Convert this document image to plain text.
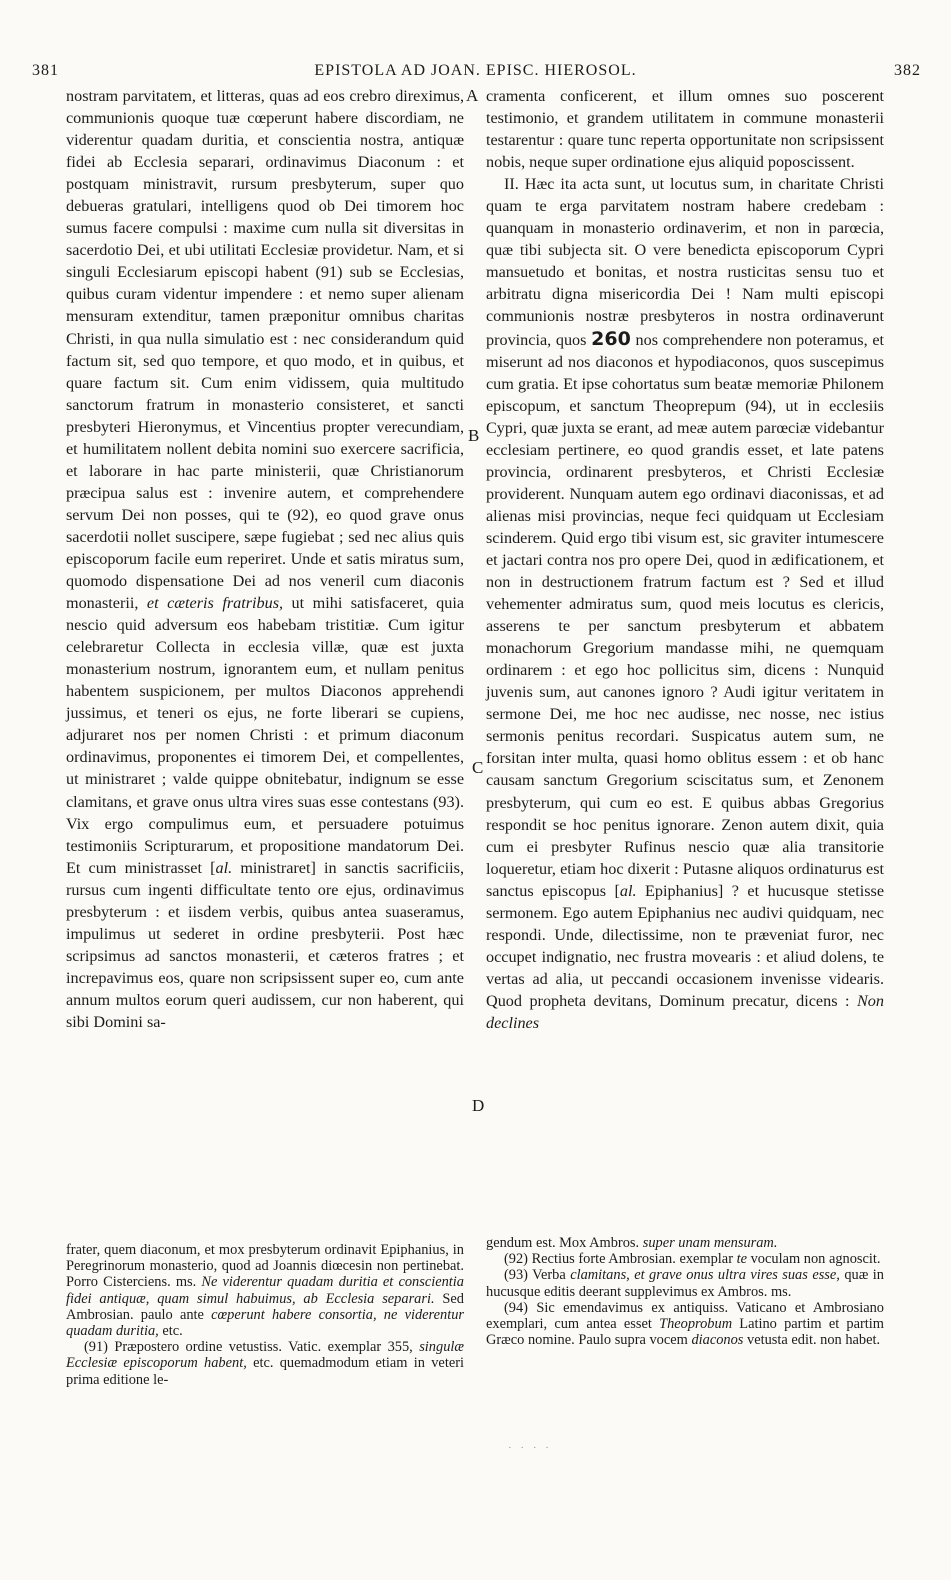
381	EPISTOLA AD JOAN. EPISC. HIEROSOL.	382

nostram parvitatem, et litteras, quas ad eos crebro direximus, communionis quoque tuæ cœperunt habere discordiam, ne viderentur quadam duritia, et conscientia nostra, antiquæ fidei ab Ecclesia separari, ordinavimus Diaconum : et postquam ministravit, rursum presbyterum, super quo debueras gratulari, intelligens quod ob Dei timorem hoc sumus facere compulsi : maxime cum nulla sit diversitas in sacerdotio Dei, et ubi utilitati Ecclesiæ providetur. Nam, et si singuli Ecclesiarum episcopi habent (91) sub se Ecclesias, quibus curam videntur impendere : et nemo super alienam mensuram extenditur, tamen præponitur omnibus charitas Christi, in qua nulla simulatio est : nec considerandum quid factum sit, sed quo tempore, et quo modo, et in quibus, et quare factum sit. Cum enim vidissem, quia multitudo sanctorum fratrum in monasterio consisteret, et sancti presbyteri Hieronymus, et Vincentius propter verecundiam, et humilitatem nollent debita nomini suo exercere sacrificia, et laborare in hac parte ministerii, quæ Christianorum præcipua salus est : invenire autem, et comprehendere servum Dei non posses, qui te (92), eo quod grave onus sacerdotii nollet suscipere, sæpe fugiebat ; sed nec alius quis episcoporum facile eum reperiret. Unde et satis miratus sum, quomodo dispensatione Dei ad nos veneril cum diaconis monasterii, et cæteris fratribus, ut mihi satisfaceret, quia nescio quid adversum eos habebam tristitiæ. Cum igitur celebraretur Collecta in ecclesia villæ, quæ est juxta monasterium nostrum, ignorantem eum, et nullam penitus habentem suspicionem, per multos Diaconos apprehendi jussimus, et teneri os ejus, ne forte liberari se cupiens, adjuraret nos per nomen Christi : et primum diaconum ordinavimus, proponentes ei timorem Dei, et compellentes, ut ministraret ; valde quippe obnitebatur, indignum se esse clamitans, et grave onus ultra vires suas esse contestans (93). Vix ergo compulimus eum, et persuadere potuimus testimoniis Scripturarum, et propositione mandatorum Dei. Et cum ministrasset [al. ministraret] in sanctis sacrificiis, rursus cum ingenti difficultate tento ore ejus, ordinavimus presbyterum : et iisdem verbis, quibus antea suaseramus, impulimus ut sederet in ordine presbyterii. Post hæc scripsimus ad sanctos monasterii, et cæteros fratres ; et increpavimus eos, quare non scripsissent super eo, cum ante annum multos eorum queri audissem, cur non haberent, qui sibi Domini sa-

A
B
C
D

cramenta conficerent, et illum omnes suo poscerent testimonio, et grandem utilitatem in commune monasterii testarentur : quare tunc reperta opportunitate non scripsissent nobis, neque super ordinatione ejus aliquid poposcissent.

II. Hæc ita acta sunt, ut locutus sum, in charitate Christi quam te erga parvitatem nostram habere credebam : quanquam in monasterio ordinaverim, et non in parœcia, quæ tibi subjecta sit. O vere benedicta episcoporum Cypri mansuetudo et bonitas, et nostra rusticitas sensu tuo et arbitratu digna misericordia Dei ! Nam multi episcopi communionis nostræ presbyteros in nostra ordinaverunt provincia, quos 260 nos comprehendere non poteramus, et miserunt ad nos diaconos et hypodiaconos, quos suscepimus cum gratia. Et ipse cohortatus sum beatæ memoriæ Philonem episcopum, et sanctum Theoprepum (94), ut in ecclesiis Cypri, quæ juxta se erant, ad meæ autem parœciæ videbantur ecclesiam pertinere, eo quod grandis esset, et late patens provincia, ordinarent presbyteros, et Christi Ecclesiæ providerent. Nunquam autem ego ordinavi diaconissas, et ad alienas misi provincias, neque feci quidquam ut Ecclesiam scinderem. Quid ergo tibi visum est, sic graviter intumescere et jactari contra nos pro opere Dei, quod in ædificationem, et non in destructionem fratrum factum est ? Sed et illud vehementer admiratus sum, quod meis locutus es clericis, asserens te per sanctum presbyterum et abbatem monachorum Gregorium mandasse mihi, ne quemquam ordinarem : et ego hoc pollicitus sim, dicens : Nunquid juvenis sum, aut canones ignoro ? Audi igitur veritatem in sermone Dei, me hoc nec audisse, nec nosse, nec istius sermonis penitus recordari. Suspicatus autem sum, ne forsitan inter multa, quasi homo oblitus essem : et ob hanc causam sanctum Gregorium sciscitatus sum, et Zenonem presbyterum, qui cum eo est. E quibus abbas Gregorius respondit se hoc penitus ignorare. Zenon autem dixit, quia cum ei presbyter Rufinus nescio quæ alia transitorie loqueretur, etiam hoc dixerit : Putasne aliquos ordinaturus est sanctus episcopus [al. Epiphanius] ? et hucusque stetisse sermonem. Ego autem Epiphanius nec audivi quidquam, nec respondi. Unde, dilectissime, non te præveniat furor, nec occupet indignatio, nec frustra movearis : et aliud dolens, te vertas ad alia, ut peccandi occasionem invenisse videaris. Quod propheta devitans, Dominum precatur, dicens : Non declines

frater, quem diaconum, et mox presbyterum ordinavit Epiphanius, in Peregrinorum monasterio, quod ad Joannis diœcesin non pertinebat. Porro Cisterciens. ms. Ne viderentur quadam duritia et conscientia fidei antiquæ, quam simul habuimus, ab Ecclesia separari. Sed Ambrosian. paulo ante cœperunt habere consortia, ne viderentur quadam duritia, etc.

(91) Præpostero ordine vetustiss. Vatic. exemplar 355, singulæ Ecclesiæ episcoporum habent, etc. quemadmodum etiam in veteri prima editione le-

gendum est. Mox Ambros. super unam mensuram.

(92) Rectius forte Ambrosian. exemplar te voculam non agnoscit.

(93) Verba clamitans, et grave onus ultra vires suas esse, quæ in hucusque editis deerant supplevimus ex Ambros. ms.

(94) Sic emendavimus ex antiquiss. Vaticano et Ambrosiano exemplari, cum antea esset Theoprobum Latino partim et partim Græco nomine. Paulo supra vocem diaconos vetusta edit. non habet.

· · · ·
